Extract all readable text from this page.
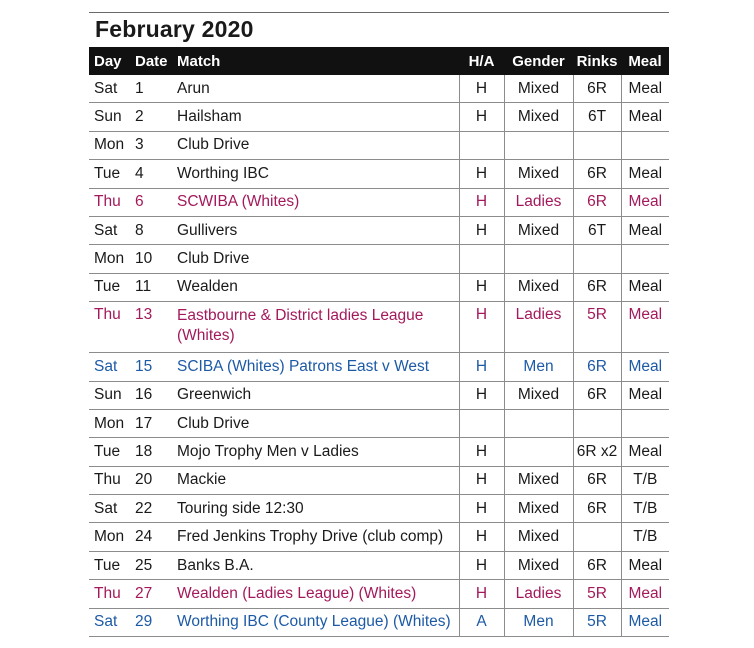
February 2020
Day	Date	Match	H/A	Gender	Rinks	Meal
Sat	1	Arun	H	Mixed	6R	Meal
Sun	2	Hailsham	H	Mixed	6T	Meal
Mon	3	Club Drive				
Tue	4	Worthing IBC	H	Mixed	6R	Meal
Thu	6	SCWIBA (Whites)	H	Ladies	6R	Meal
Sat	8	Gullivers	H	Mixed	6T	Meal
Mon	10	Club Drive				
Tue	11	Wealden	H	Mixed	6R	Meal
Thu	13	Eastbourne & District ladies League (Whites)	H	Ladies	5R	Meal
Sat	15	SCIBA (Whites) Patrons East v West	H	Men	6R	Meal
Sun	16	Greenwich	H	Mixed	6R	Meal
Mon	17	Club Drive				
Tue	18	Mojo Trophy Men v Ladies	H		6R x2	Meal
Thu	20	Mackie	H	Mixed	6R	T/B
Sat	22	Touring side 12:30	H	Mixed	6R	T/B
Mon	24	Fred Jenkins Trophy Drive (club comp)	H	Mixed		T/B
Tue	25	Banks B.A.	H	Mixed	6R	Meal
Thu	27	Wealden (Ladies League) (Whites)	H	Ladies	5R	Meal
Sat	29	Worthing IBC (County League) (Whites)	A	Men	5R	Meal
